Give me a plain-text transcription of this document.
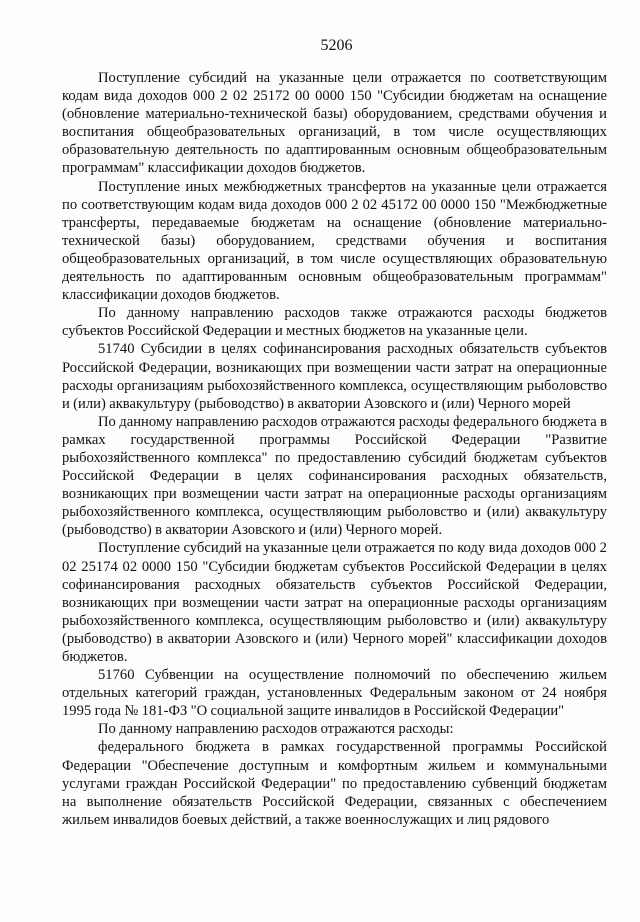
5206

Поступление субсидий на указанные цели отражается по соответствующим кодам вида доходов 000 2 02 25172 00 0000 150 "Субсидии бюджетам на оснащение (обновление материально-технической базы) оборудованием, средствами обучения и воспитания общеобразовательных организаций, в том числе осуществляющих образовательную деятельность по адаптированным основным общеобразовательным программам" классификации доходов бюджетов.

Поступление иных межбюджетных трансфертов на указанные цели отражается по соответствующим кодам вида доходов 000 2 02 45172 00 0000 150 "Межбюджетные трансферты, передаваемые бюджетам на оснащение (обновление материально-технической базы) оборудованием, средствами обучения и воспитания общеобразовательных организаций, в том числе осуществляющих образовательную деятельность по адаптированным основным общеобразовательным программам" классификации доходов бюджетов.

По данному направлению расходов также отражаются расходы бюджетов субъектов Российской Федерации и местных бюджетов на указанные цели.

51740 Субсидии в целях софинансирования расходных обязательств субъектов Российской Федерации, возникающих при возмещении части затрат на операционные расходы организациям рыбохозяйственного комплекса, осуществляющим рыболовство и (или) аквакультуру (рыбоводство) в акватории Азовского и (или) Черного морей

По данному направлению расходов отражаются расходы федерального бюджета в рамках государственной программы Российской Федерации "Развитие рыбохозяйственного комплекса" по предоставлению субсидий бюджетам субъектов Российской Федерации в целях софинансирования расходных обязательств, возникающих при возмещении части затрат на операционные расходы организациям рыбохозяйственного комплекса, осуществляющим рыболовство и (или) аквакультуру (рыбоводство) в акватории Азовского и (или) Черного морей.

Поступление субсидий на указанные цели отражается по коду вида доходов 000 2 02 25174 02 0000 150 "Субсидии бюджетам субъектов Российской Федерации в целях софинансирования расходных обязательств субъектов Российской Федерации, возникающих при возмещении части затрат на операционные расходы организациям рыбохозяйственного комплекса, осуществляющим рыболовство и (или) аквакультуру (рыбоводство) в акватории Азовского и (или) Черного морей" классификации доходов бюджетов.

51760 Субвенции на осуществление полномочий по обеспечению жильем отдельных категорий граждан, установленных Федеральным законом от 24 ноября 1995 года № 181-ФЗ "О социальной защите инвалидов в Российской Федерации"

По данному направлению расходов отражаются расходы:

федерального бюджета в рамках государственной программы Российской Федерации "Обеспечение доступным и комфортным жильем и коммунальными услугами граждан Российской Федерации" по предоставлению субвенций бюджетам на выполнение обязательств Российской Федерации, связанных с обеспечением жильем инвалидов боевых действий, а также военнослужащих и лиц рядового
